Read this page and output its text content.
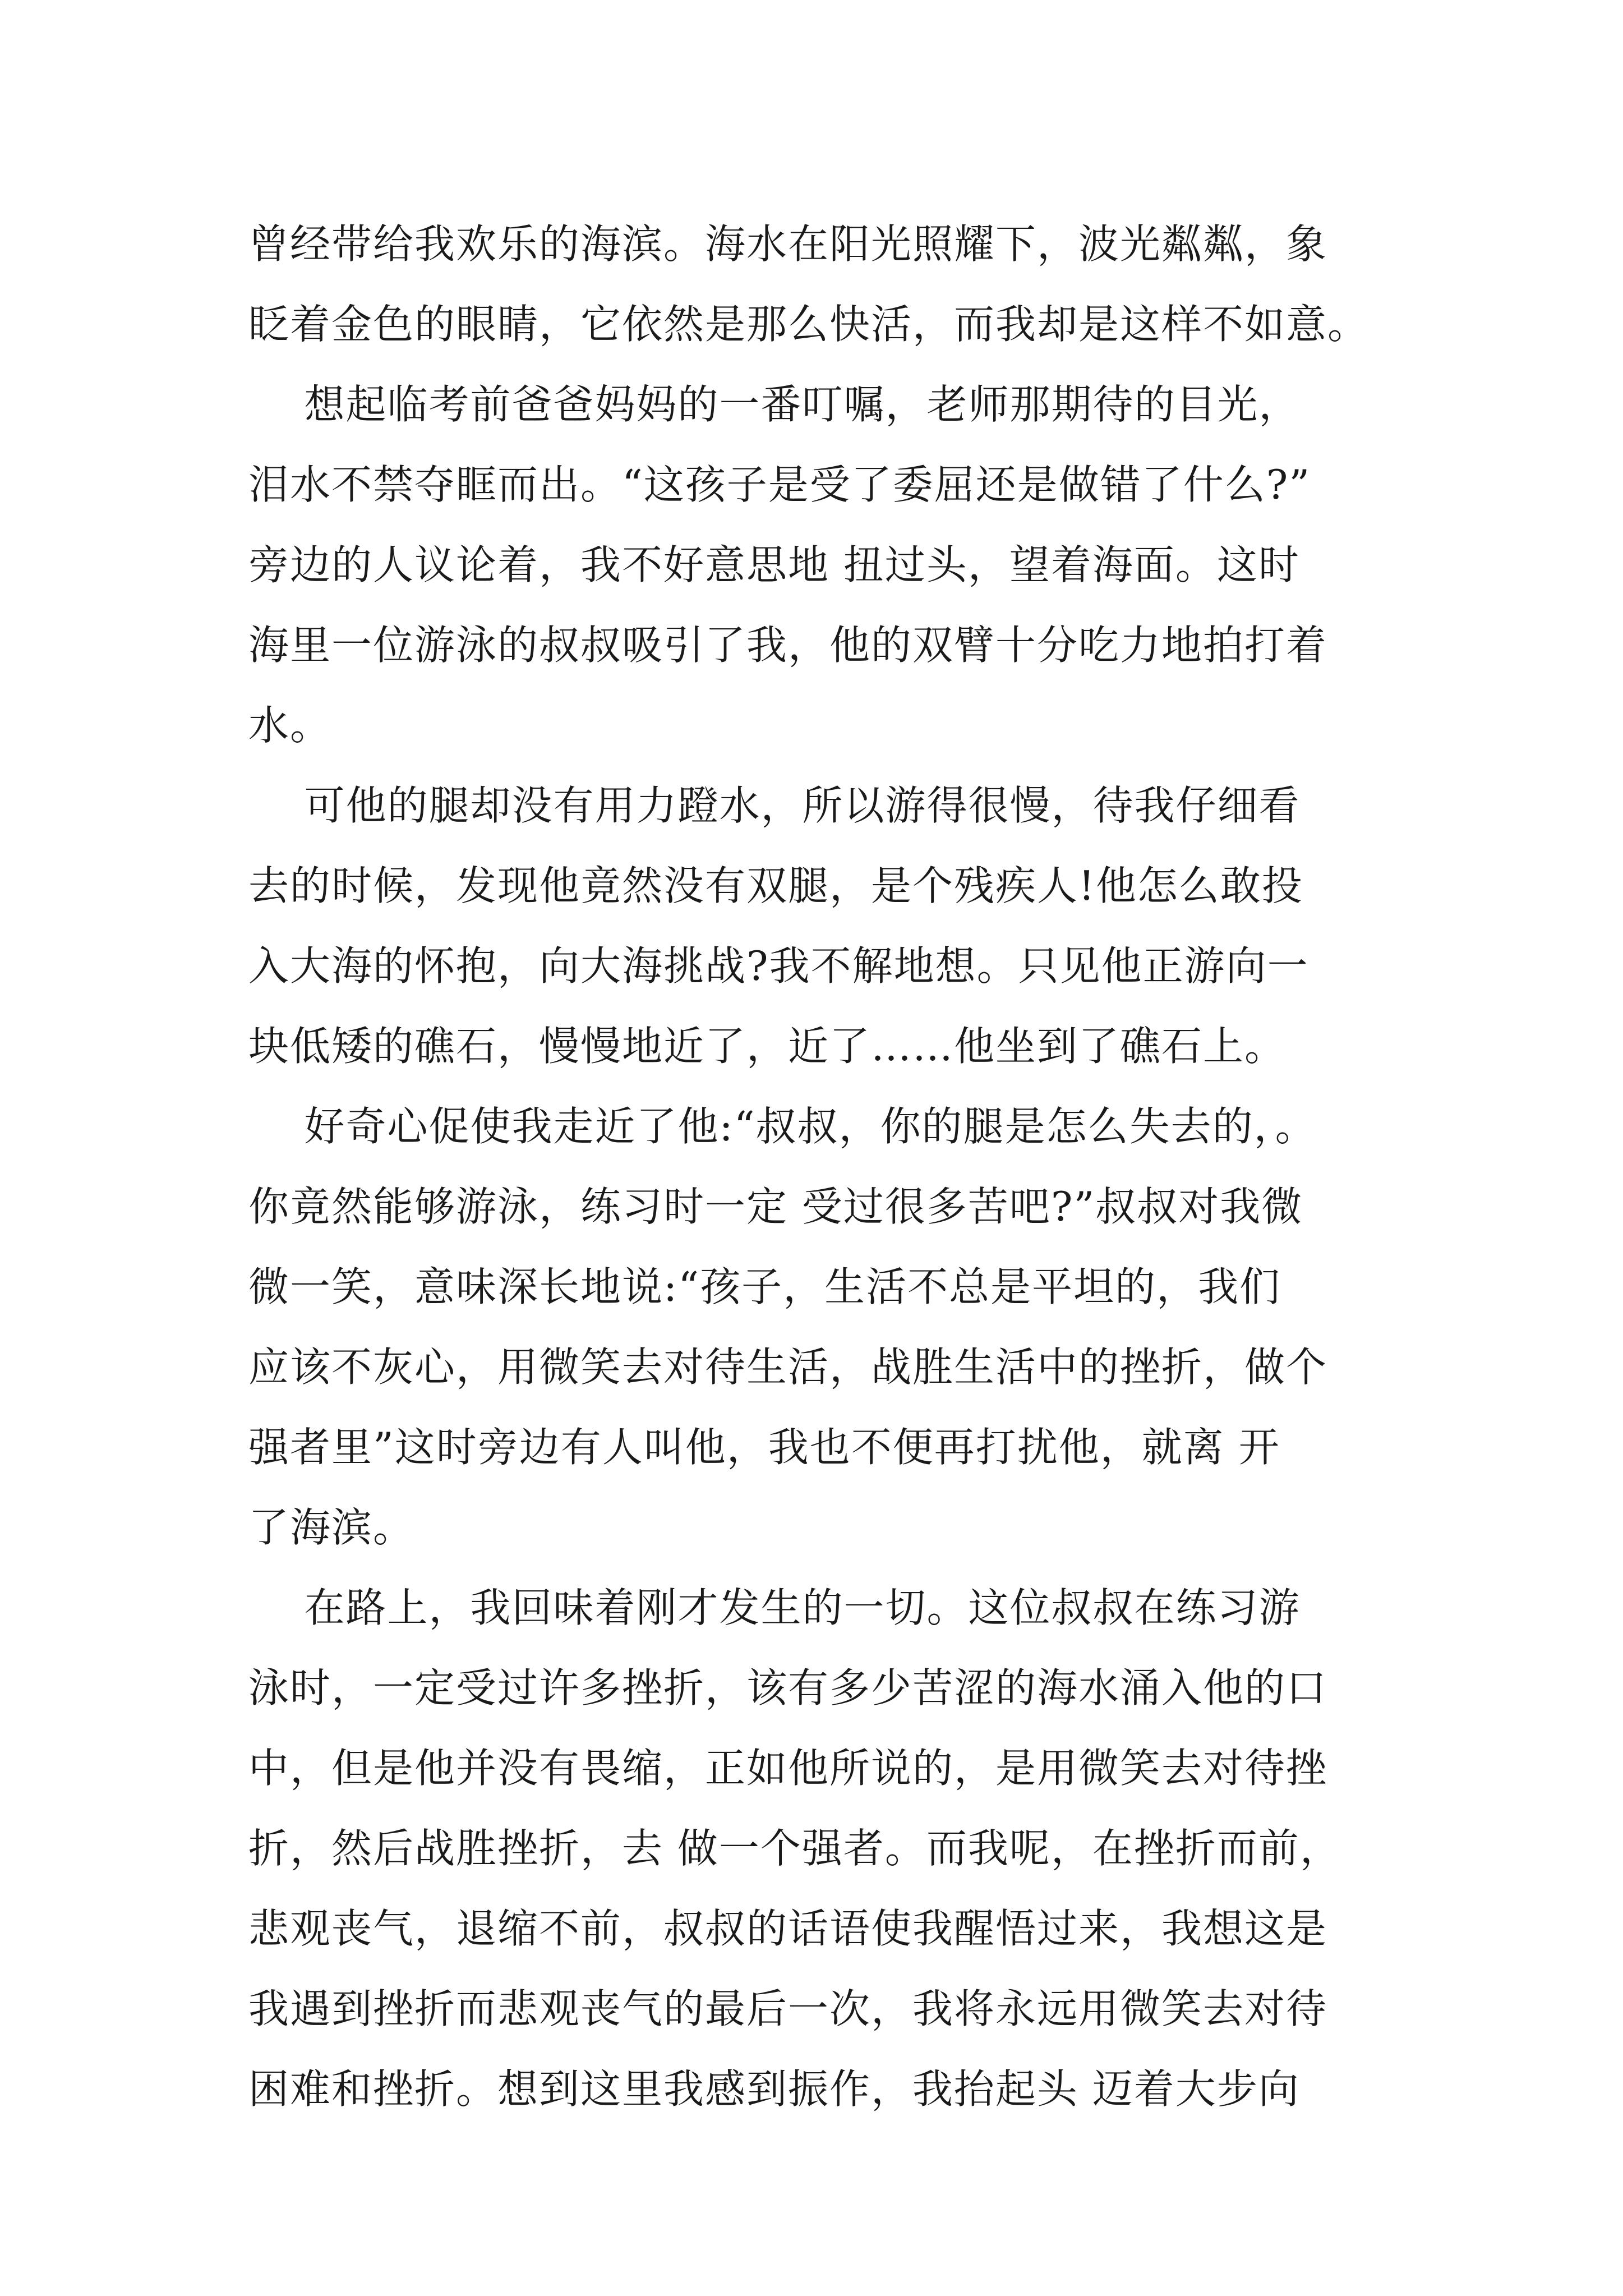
曾经带给我欢乐的海滨。海水在阳光照耀下，波光粼粼，象
眨着金色的眼睛，它依然是那么快活，而我却是这样不如意。
想起临考前爸爸妈妈的一番叮嘱，老师那期待的目光，
泪水不禁夺眶而出。“这孩子是受了委屈还是做错了什么?”
旁边的人议论着，我不好意思地 扭过头，望着海面。这时
海里一位游泳的叔叔吸引了我，他的双臂十分吃力地拍打着
水。
可他的腿却没有用力蹬水，所以游得很慢，待我仔细看
去的时候，发现他竟然没有双腿，是个残疾人!他怎么敢投
入大海的怀抱，向大海挑战?我不解地想。只见他正游向一
块低矮的礁石，慢慢地近了，近了……他坐到了礁石上。
好奇心促使我走近了他:“叔叔，你的腿是怎么失去的，。
你竟然能够游泳，练习时一定 受过很多苦吧?”叔叔对我微
微一笑，意味深长地说:“孩子，生活不总是平坦的，我们
应该不灰心，用微笑去对待生活，战胜生活中的挫折，做个
强者里”这时旁边有人叫他，我也不便再打扰他，就离 开
了海滨。
在路上，我回味着刚才发生的一切。这位叔叔在练习游
泳时，一定受过许多挫折，该有多少苦涩的海水涌入他的口
中，但是他并没有畏缩，正如他所说的，是用微笑去对待挫
折，然后战胜挫折，去 做一个强者。而我呢，在挫折而前，
悲观丧气，退缩不前，叔叔的话语使我醒悟过来，我想这是
我遇到挫折而悲观丧气的最后一次，我将永远用微笑去对待
困难和挫折。想到这里我感到振作，我抬起头 迈着大步向
